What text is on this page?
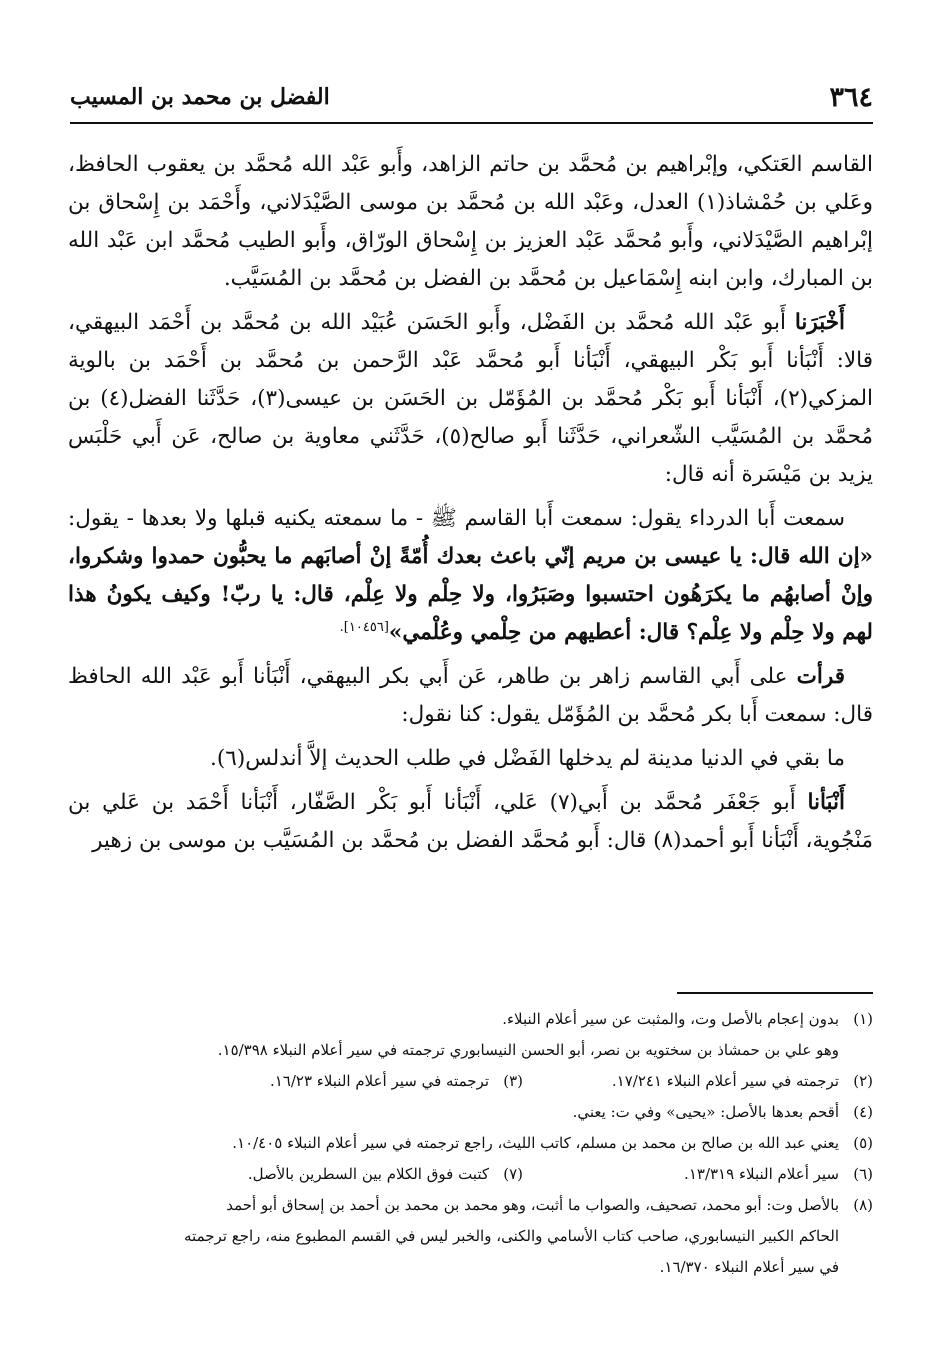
٣٦٤
الفضل بن محمد بن المسيب

القاسم العَتكي، وإبْراهيم بن مُحمَّد بن حاتم الزاهد، وأَبو عَبْد الله مُحمَّد بن يعقوب الحافظ، وعَلي بن حُمْشاذ(١) العدل، وعَبْد الله بن مُحمَّد بن موسى الصَّيْدَلاني، وأَحْمَد بن إِسْحاق بن إبْراهيم الصَّيْدَلاني، وأَبو مُحمَّد عَبْد العزيز بن إِسْحاق الورّاق، وأَبو الطيب مُحمَّد ابن عَبْد الله بن المبارك، وابن ابنه إِسْمَاعيل بن مُحمَّد بن الفضل بن مُحمَّد بن المُسَيَّب.

أَخْبَرَنا أَبو عَبْد الله مُحمَّد بن الفَضْل، وأَبو الحَسَن عُبَيْد الله بن مُحمَّد بن أَحْمَد البيهقي، قالا: أَنْبَأنا أَبو بَكْر البيهقي، أَنْبَأنا أَبو مُحمَّد عَبْد الرَّحمن بن مُحمَّد بن أَحْمَد بن بالوية المزكي(٢)، أَنْبَأنا أَبو بَكْر مُحمَّد بن المُؤَمّل بن الحَسَن بن عيسى(٣)، حَدَّثَنا الفضل(٤) بن مُحمَّد بن المُسَيَّب الشّعراني، حَدَّثَنا أَبو صالح(٥)، حَدَّثَني معاوية بن صالح، عَن أَبي حَلْبَس يزيد بن مَيْسَرة أنه قال:

سمعت أَبا الدرداء يقول: سمعت أَبا القاسم ﷺ - ما سمعته يكنيه قبلها ولا بعدها - يقول: «إن الله قال: يا عيسى بن مريم إنّي باعث بعدك أُمّةً إنْ أصابَهم ما يحبُّون حمدوا وشكروا، وإنْ أصابهُم ما يكرَهُون احتسبوا وصَبَرُوا، ولا حِلْم ولا عِلْم، قال: يا ربّ! وكيف يكونُ هذا لهم ولا حِلْم ولا عِلْم؟ قال: أعطيهم من حِلْمي وعُلْمي»$^{[١٠٤٥٦].}$

قرأت على أَبي القاسم زاهر بن طاهر، عَن أَبي بكر البيهقي، أَنْبَأنا أَبو عَبْد الله الحافظ قال: سمعت أَبا بكر مُحمَّد بن المُؤَمّل يقول: كنا نقول:

ما بقي في الدنيا مدينة لم يدخلها الفَضْل في طلب الحديث إلاَّ أندلس(٦).

أَنْبَأنا أَبو جَعْفَر مُحمَّد بن أَبي(٧) عَلي، أَنْبَأنا أَبو بَكْر الصَّفّار، أَنْبَأنا أَحْمَد بن عَلي بن مَنْجُوية، أَنْبَأنا أَبو أحمد(٨) قال: أَبو مُحمَّد الفضل بن مُحمَّد بن المُسَيَّب بن موسى بن زهير

(١)
بدون إعجام بالأصل وت، والمثبت عن سير أعلام النبلاء.
وهو علي بن حمشاذ بن سختويه بن نصر، أبو الحسن النيسابوري ترجمته في سير أعلام النبلاء ١٥/٣٩٨.
(٢)
ترجمته في سير أعلام النبلاء ١٧/٢٤١.
(٣)
ترجمته في سير أعلام النبلاء ١٦/٢٣.
(٤)
أقحم بعدها بالأصل: «يحيى» وفي ت: يعني.
(٥)
يعني عبد الله بن صالح بن محمد بن مسلم، كاتب الليث، راجع ترجمته في سير أعلام النبلاء ١٠/٤٠٥.
(٦)
سير أعلام النبلاء ١٣/٣١٩.
(٧)
كتبت فوق الكلام بين السطرين بالأصل.
(٨)
بالأصل وت: أبو محمد، تصحيف، والصواب ما أثبت، وهو محمد بن محمد بن أحمد بن إسحاق أبو أحمد
الحاكم الكبير النيسابوري، صاحب كتاب الأسامي والكنى، والخبر ليس في القسم المطبوع منه، راجع ترجمته
في سير أعلام النبلاء ١٦/٣٧٠.
